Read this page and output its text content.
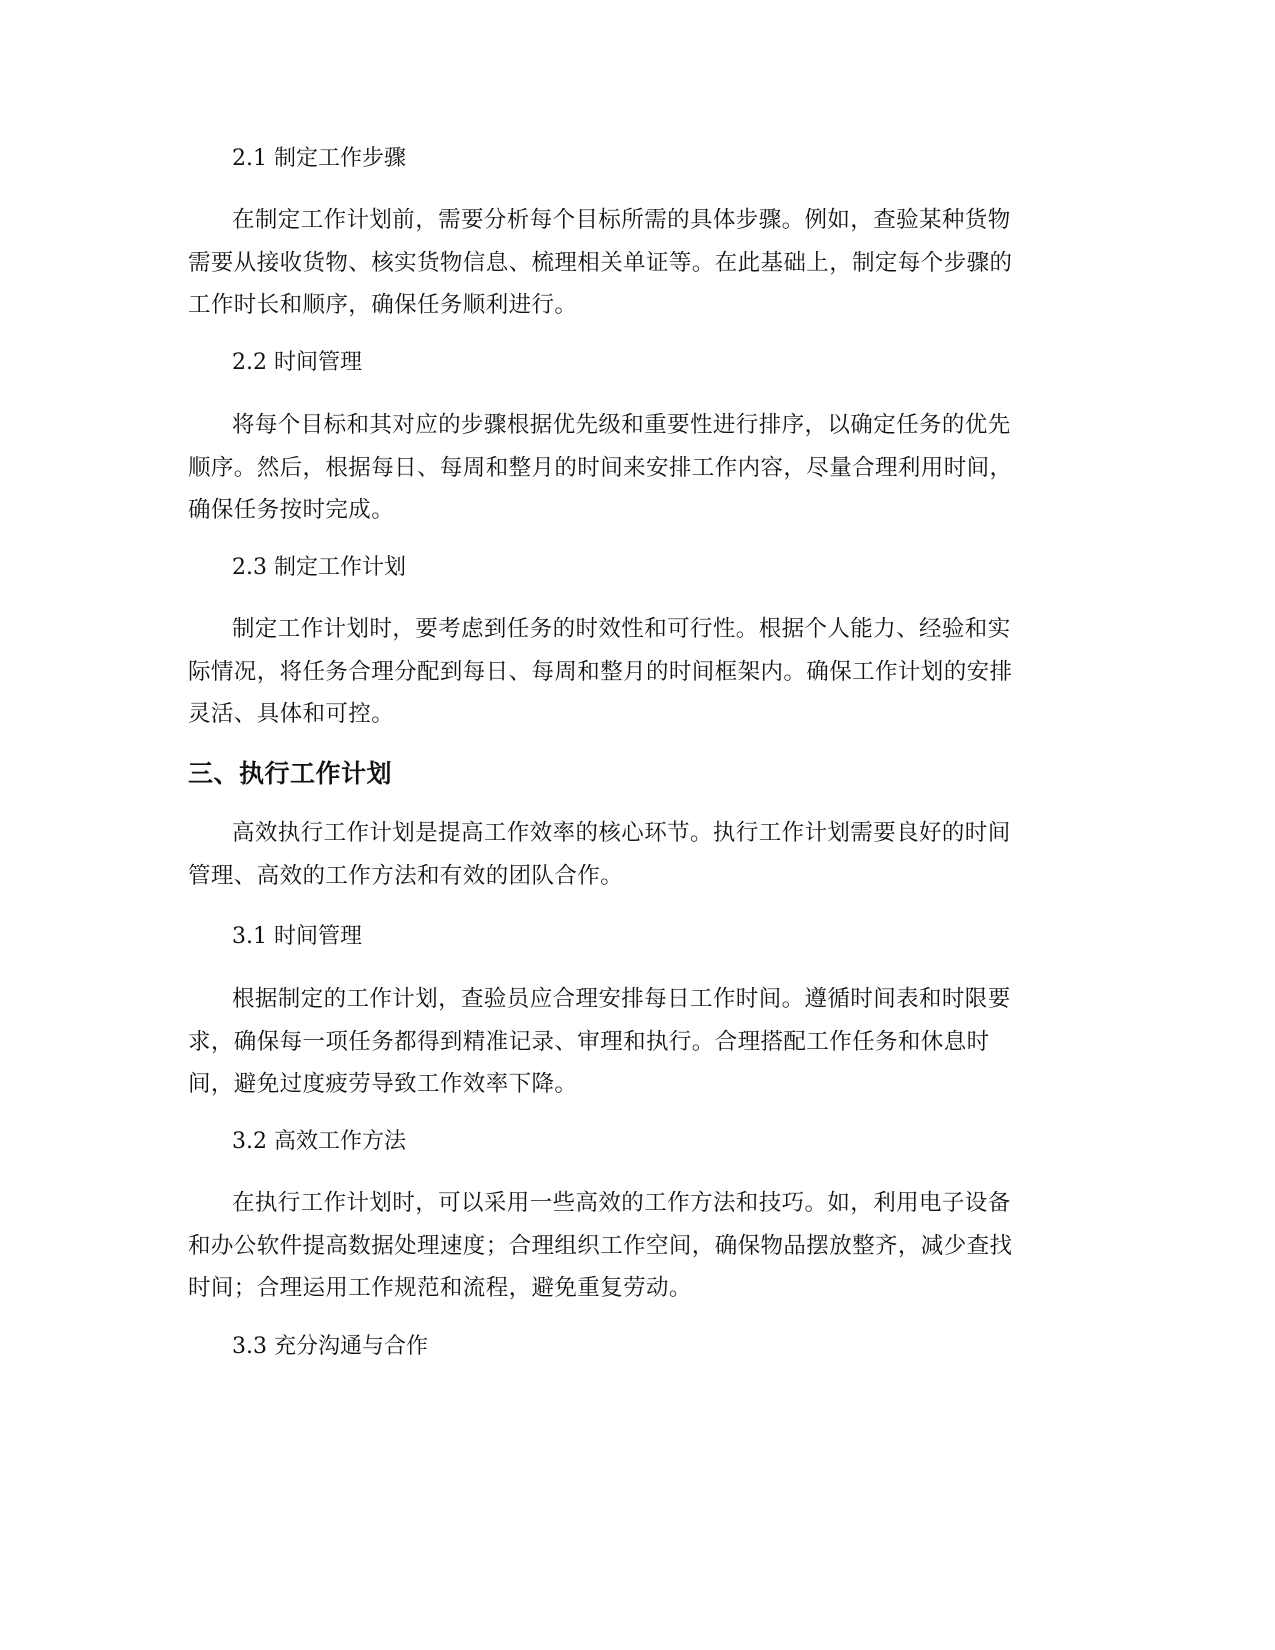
2.1 制定工作步骤

在制定工作计划前，需要分析每个目标所需的具体步骤。例如，查验某种货物
需要从接收货物、核实货物信息、梳理相关单证等。在此基础上，制定每个步骤的
工作时长和顺序，确保任务顺利进行。

2.2 时间管理

将每个目标和其对应的步骤根据优先级和重要性进行排序，以确定任务的优先
顺序。然后，根据每日、每周和整月的时间来安排工作内容，尽量合理利用时间，
确保任务按时完成。

2.3 制定工作计划

制定工作计划时，要考虑到任务的时效性和可行性。根据个人能力、经验和实
际情况，将任务合理分配到每日、每周和整月的时间框架内。确保工作计划的安排
灵活、具体和可控。

三、执行工作计划

高效执行工作计划是提高工作效率的核心环节。执行工作计划需要良好的时间
管理、高效的工作方法和有效的团队合作。

3.1 时间管理

根据制定的工作计划，查验员应合理安排每日工作时间。遵循时间表和时限要
求，确保每一项任务都得到精准记录、审理和执行。合理搭配工作任务和休息时
间，避免过度疲劳导致工作效率下降。

3.2 高效工作方法

在执行工作计划时，可以采用一些高效的工作方法和技巧。如，利用电子设备
和办公软件提高数据处理速度；合理组织工作空间，确保物品摆放整齐，减少查找
时间；合理运用工作规范和流程，避免重复劳动。

3.3 充分沟通与合作
